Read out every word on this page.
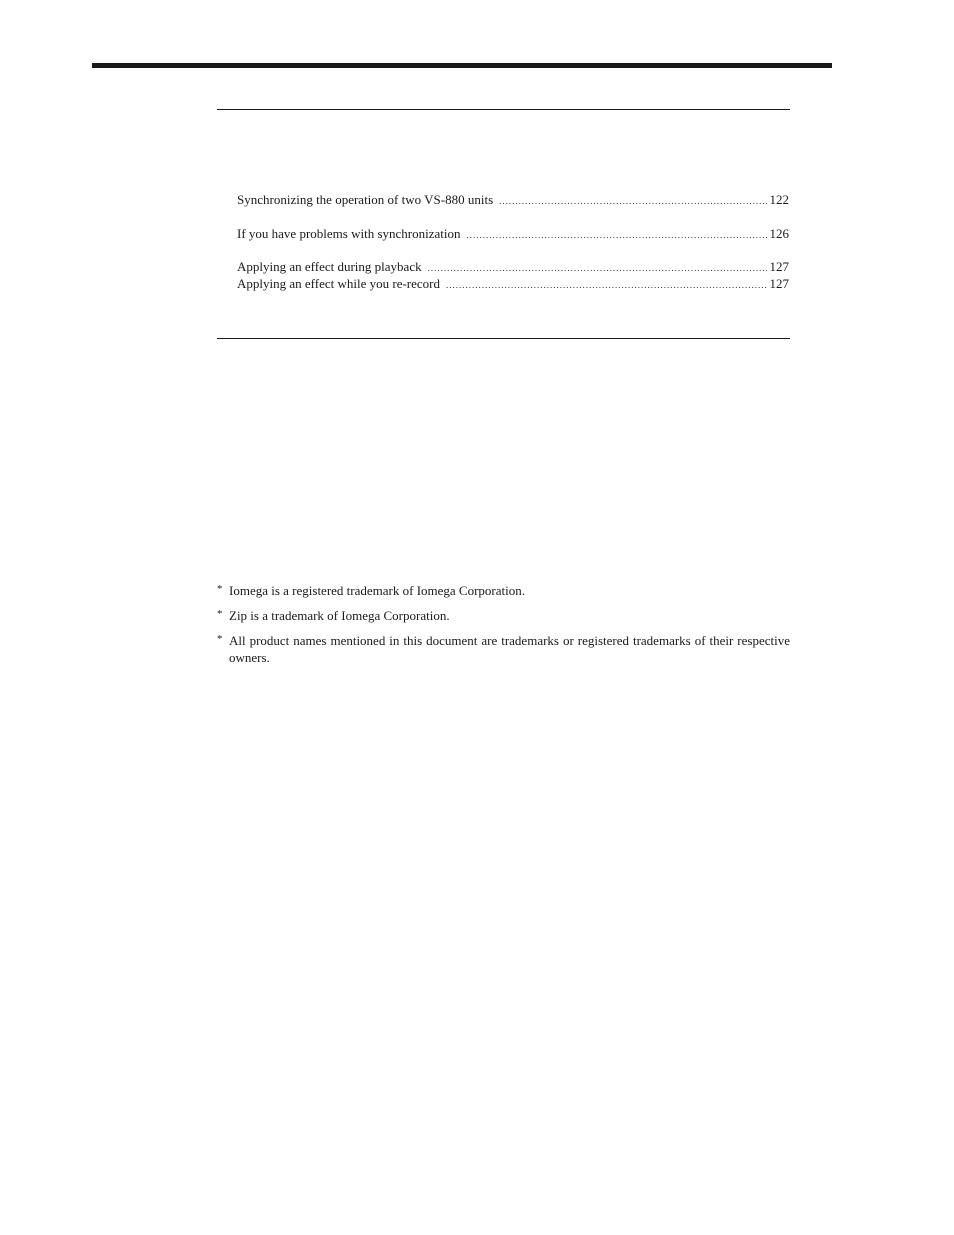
Synchronizing the operation of two VS-880 units .....	122
If you have problems with synchronization .....	126
Applying an effect during playback .....	127
Applying an effect while you re-record .....	127
* Iomega is a registered trademark of Iomega Corporation.
* Zip is a trademark of Iomega Corporation.
* All product names mentioned in this document are trademarks or registered trademarks of their respective owners.
